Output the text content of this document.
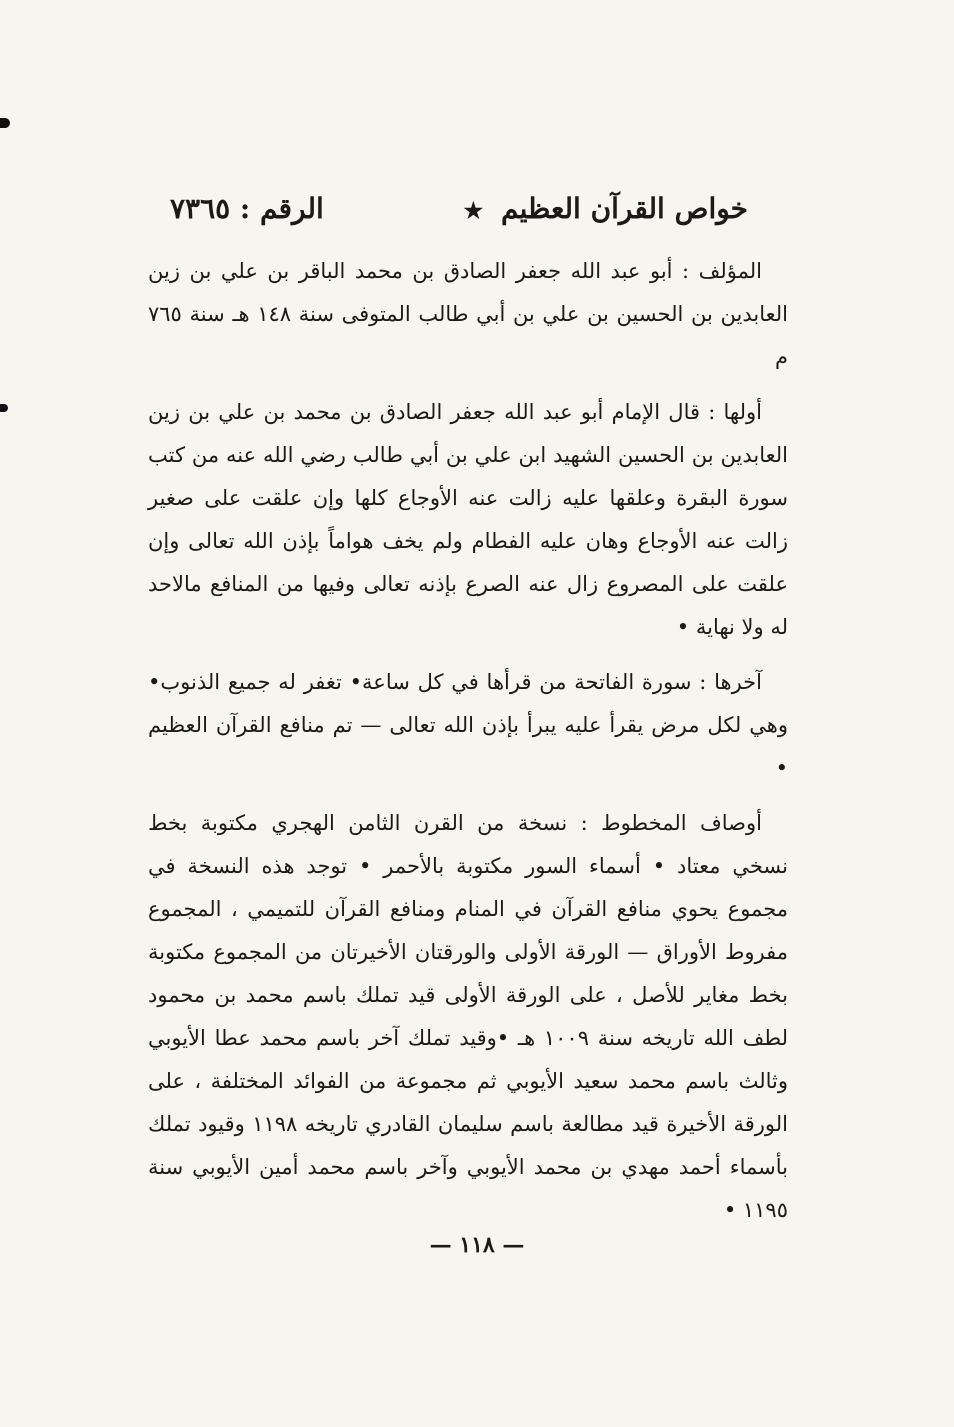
خواص القرآن العظيم ★
الرقم : ٧٣٦٥

المؤلف : أبو عبد الله جعفر الصادق بن محمد الباقر بن علي بن زين العابدين بن الحسين بن علي بن أبي طالب المتوفى سنة ١٤٨ هـ سنة ٧٦٥ م

أولها : قال الإمام أبو عبد الله جعفر الصادق بن محمد بن علي بن زين العابدين بن الحسين الشهيد ابن علي بن أبي طالب رضي الله عنه من كتب سورة البقرة وعلقها عليه زالت عنه الأوجاع كلها وإن علقت على صغير زالت عنه الأوجاع وهان عليه الفطام ولم يخف هواماً بإذن الله تعالى وإن علقت على المصروع زال عنه الصرع بإذنه تعالى وفيها من المنافع مالاحد له ولا نهاية •

آخرها : سورة الفاتحة من قرأها في كل ساعة• تغفر له جميع الذنوب• وهي لكل مرض يقرأ عليه يبرأ بإذن الله تعالى — تم منافع القرآن العظيم •

أوصاف المخطوط : نسخة من القرن الثامن الهجري مكتوبة بخط نسخي معتاد • أسماء السور مكتوبة بالأحمر • توجد هذه النسخة في مجموع يحوي منافع القرآن في المنام ومنافع القرآن للتميمي ، المجموع مفروط الأوراق — الورقة الأولى والورقتان الأخيرتان من المجموع مكتوبة بخط مغاير للأصل ، على الورقة الأولى قيد تملك باسم محمد بن محمود لطف الله تاريخه سنة ١٠٠٩ هـ •وقيد تملك آخر باسم محمد عطا الأيوبي وثالث باسم محمد سعيد الأيوبي ثم مجموعة من الفوائد المختلفة ، على الورقة الأخيرة قيد مطالعة باسم سليمان القادري تاريخه ١١٩٨ وقيود تملك بأسماء أحمد مهدي بن محمد الأيوبي وآخر باسم محمد أمين الأيوبي سنة ١١٩٥ •

— ١١٨ —
